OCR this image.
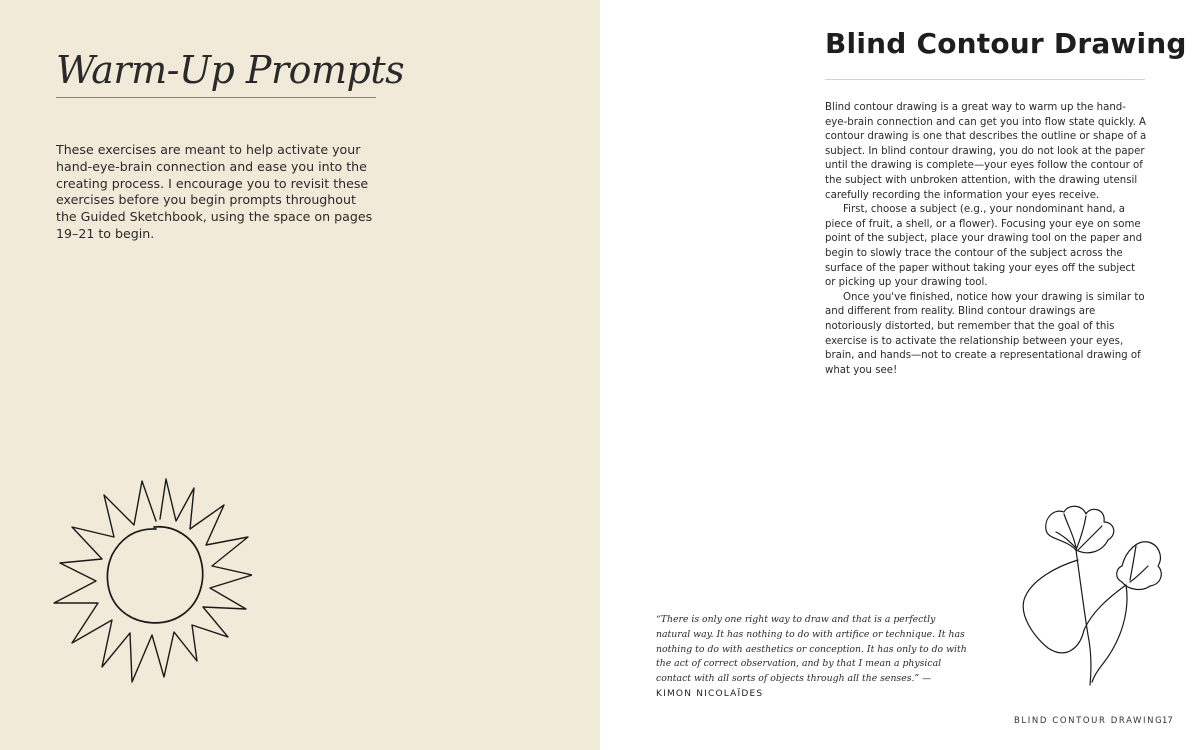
Warm-Up Prompts

These exercises are meant to help activate your hand-eye-brain connection and ease you into the creating process. I encourage you to revisit these exercises before you begin prompts throughout the Guided Sketchbook, using the space on pages 19–21 to begin.

Blind Contour Drawing

Blind contour drawing is a great way to warm up the hand-eye-brain connection and can get you into flow state quickly. A contour drawing is one that describes the outline or shape of a subject. In blind contour drawing, you do not look at the paper until the drawing is complete—your eyes follow the contour of the subject with unbroken attention, with the drawing utensil carefully recording the information your eyes receive.

First, choose a subject (e.g., your nondominant hand, a piece of fruit, a shell, or a flower). Focusing your eye on some point of the subject, place your drawing tool on the paper and begin to slowly trace the contour of the subject across the surface of the paper without taking your eyes off the subject or picking up your drawing tool.

Once you've finished, notice how your drawing is similar to and different from reality. Blind contour drawings are notoriously distorted, but remember that the goal of this exercise is to activate the relationship between your eyes, brain, and hands—not to create a representational drawing of what you see!

“There is only one right way to draw and that is a perfectly natural way. It has nothing to do with artifice or technique. It has nothing to do with aesthetics or conception. It has only to do with the act of correct observation, and by that I mean a physical contact with all sorts of objects through all the senses.” —KIMON NICOLAÏDES
BLIND CONTOUR DRAWING
17
